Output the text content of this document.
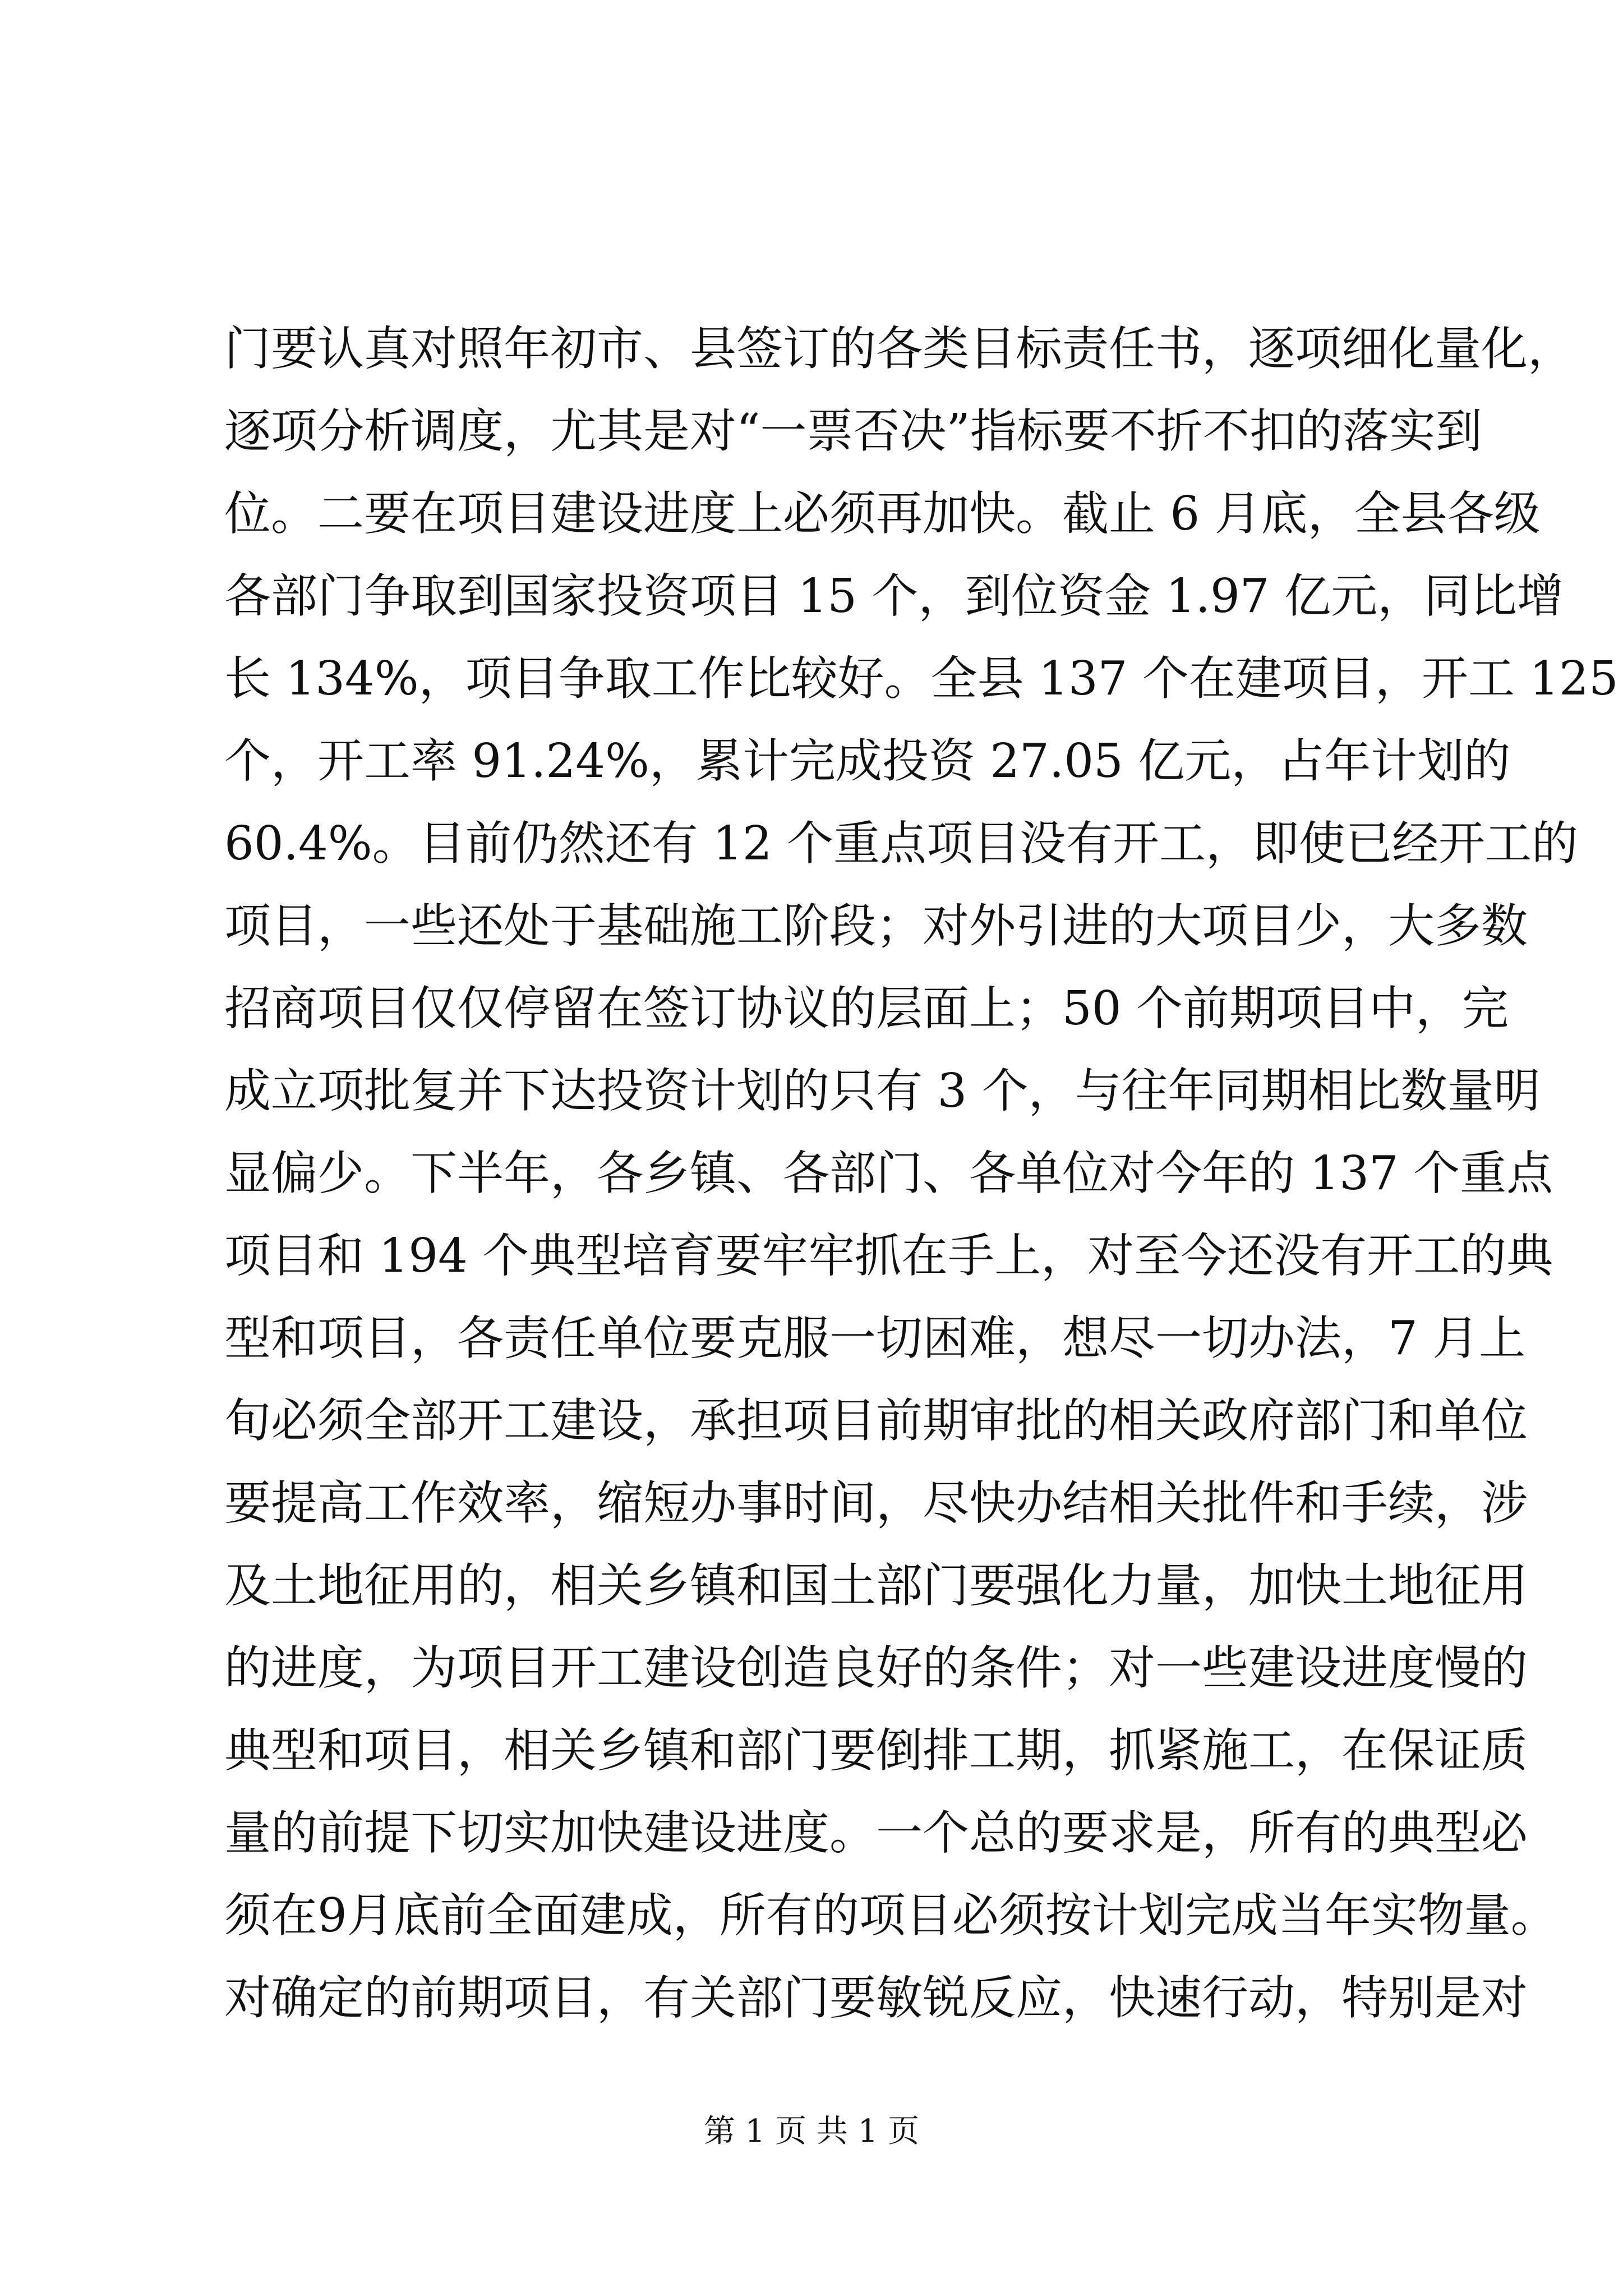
门要认真对照年初市、县签订的各类目标责任书，逐项细化量化，
逐项分析调度，尤其是对“一票否决”指标要不折不扣的落实到
位。二要在项目建设进度上必须再加快。截止 6 月底，全县各级
各部门争取到国家投资项目 15 个，到位资金 1.97 亿元，同比增
长 134%，项目争取工作比较好。全县 137 个在建项目，开工 125
个，开工率 91.24%，累计完成投资 27.05 亿元，占年计划的
60.4%。目前仍然还有 12 个重点项目没有开工，即使已经开工的
项目，一些还处于基础施工阶段；对外引进的大项目少，大多数
招商项目仅仅停留在签订协议的层面上；50 个前期项目中，完
成立项批复并下达投资计划的只有 3 个，与往年同期相比数量明
显偏少。下半年，各乡镇、各部门、各单位对今年的 137 个重点
项目和 194 个典型培育要牢牢抓在手上，对至今还没有开工的典
型和项目，各责任单位要克服一切困难，想尽一切办法，7 月上
旬必须全部开工建设，承担项目前期审批的相关政府部门和单位
要提高工作效率，缩短办事时间，尽快办结相关批件和手续，涉
及土地征用的，相关乡镇和国土部门要强化力量，加快土地征用
的进度，为项目开工建设创造良好的条件；对一些建设进度慢的
典型和项目，相关乡镇和部门要倒排工期，抓紧施工，在保证质
量的前提下切实加快建设进度。一个总的要求是，所有的典型必
须在9月底前全面建成，所有的项目必须按计划完成当年实物量。
对确定的前期项目，有关部门要敏锐反应，快速行动，特别是对
第 1 页 共 1 页
